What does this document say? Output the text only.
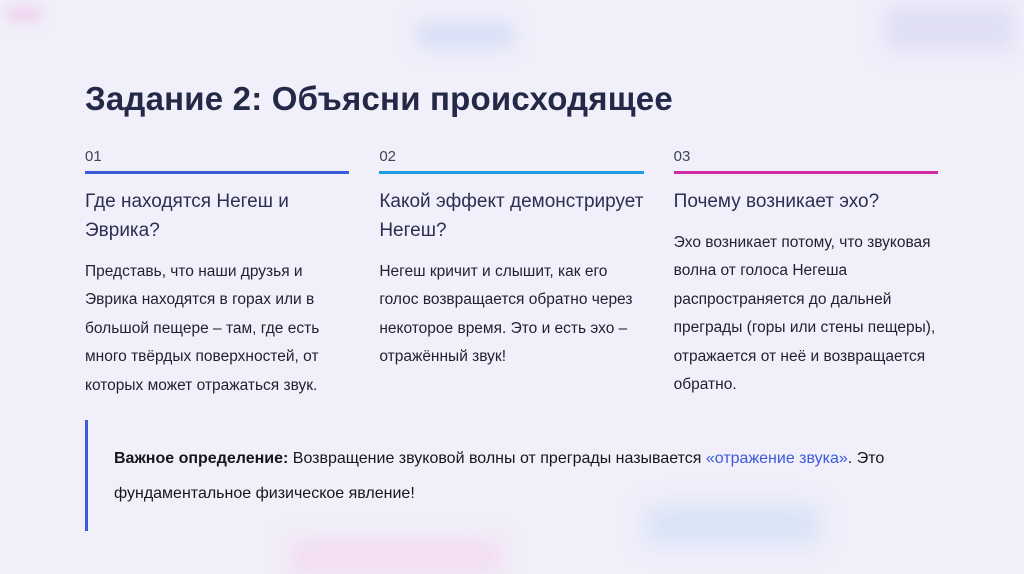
Задание 2: Объясни происходящее
01
Где находятся Негеш и Эврика?
Представь, что наши друзья и Эврика находятся в горах или в большой пещере – там, где есть много твёрдых поверхностей, от которых может отражаться звук.
02
Какой эффект демонстрирует Негеш?
Негеш кричит и слышит, как его голос возвращается обратно через некоторое время. Это и есть эхо – отражённый звук!
03
Почему возникает эхо?
Эхо возникает потому, что звуковая волна от голоса Негеша распространяется до дальней преграды (горы или стены пещеры), отражается от неё и возвращается обратно.
Важное определение: Возвращение звуковой волны от преграды называется «отражение звука». Это фундаментальное физическое явление!
